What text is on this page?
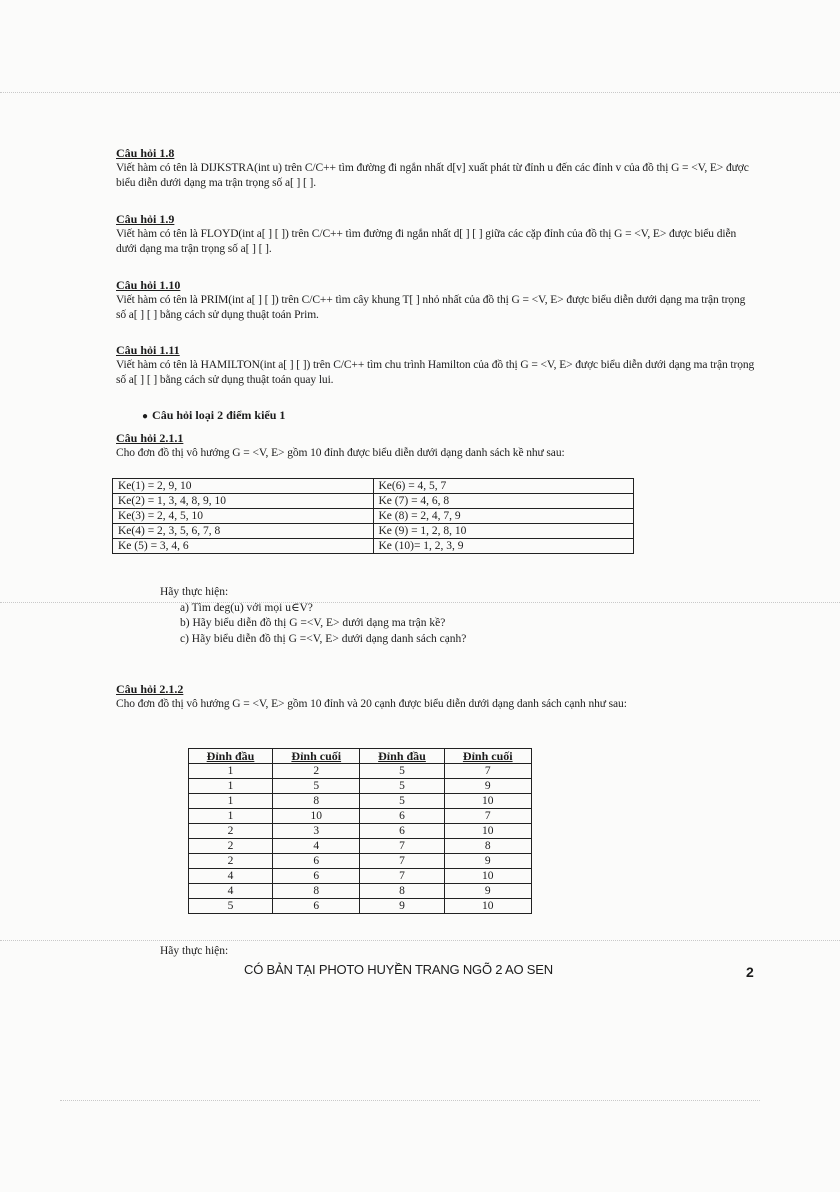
Câu hỏi 1.8
Viết hàm có tên là DIJKSTRA(int u) trên C/C++ tìm đường đi ngắn nhất d[v] xuất phát từ đỉnh u đến các đỉnh v của đồ thị G = <V, E> được biểu diễn dưới dạng ma trận trọng số a[ ] [ ].
Câu hỏi 1.9
Viết hàm có tên là FLOYD(int a[ ] [ ]) trên C/C++ tìm đường đi ngắn nhất d[ ] [ ] giữa các cặp đỉnh của đồ thị G = <V, E> được biểu diễn dưới dạng ma trận trọng số a[ ] [ ].
Câu hỏi 1.10
Viết hàm có tên là PRIM(int a[ ] [ ]) trên C/C++ tìm cây khung T[ ] nhỏ nhất của đồ thị G = <V, E> được biểu diễn dưới dạng ma trận trọng số a[ ] [ ] bằng cách sử dụng thuật toán Prim.
Câu hỏi 1.11
Viết hàm có tên là HAMILTON(int a[ ] [ ]) trên C/C++ tìm chu trình Hamilton của đồ thị G = <V, E> được biểu diễn dưới dạng ma trận trọng số a[ ] [ ] bằng cách sử dụng thuật toán quay lui.
● Câu hỏi loại 2 điểm kiểu 1
Câu hỏi 2.1.1
Cho đơn đồ thị vô hướng G = <V, E> gồm 10 đỉnh được biểu diễn dưới dạng danh sách kề như sau:
Ke(1) = 2, 9, 10	Ke(6) = 4, 5, 7
Ke(2) = 1, 3, 4, 8, 9, 10	Ke (7) = 4, 6, 8
Ke(3) = 2, 4, 5, 10	Ke (8) = 2, 4, 7, 9
Ke(4) = 2, 3, 5, 6, 7, 8	Ke (9) = 1, 2, 8, 10
Ke (5) = 3, 4, 6	Ke (10)= 1, 2, 3, 9
Hãy thực hiện:
a) Tìm deg(u) với mọi u∈V?
b) Hãy biểu diễn đồ thị G =<V, E> dưới dạng ma trận kề?
c) Hãy biểu diễn đồ thị G =<V, E> dưới dạng danh sách cạnh?
Câu hỏi 2.1.2
Cho đơn đồ thị vô hướng G = <V, E> gồm 10 đỉnh và 20 cạnh được biểu diễn dưới dạng danh sách cạnh như sau:
Đỉnh đầu	Đỉnh cuối	Đỉnh đầu	Đỉnh cuối
1	2	5	7
1	5	5	9
1	8	5	10
1	10	6	7
2	3	6	10
2	4	7	8
2	6	7	9
4	6	7	10
4	8	8	9
5	6	9	10
Hãy thực hiện:
CÓ BẢN TẠI PHOTO HUYỀN TRANG NGÕ 2 AO SEN	2
